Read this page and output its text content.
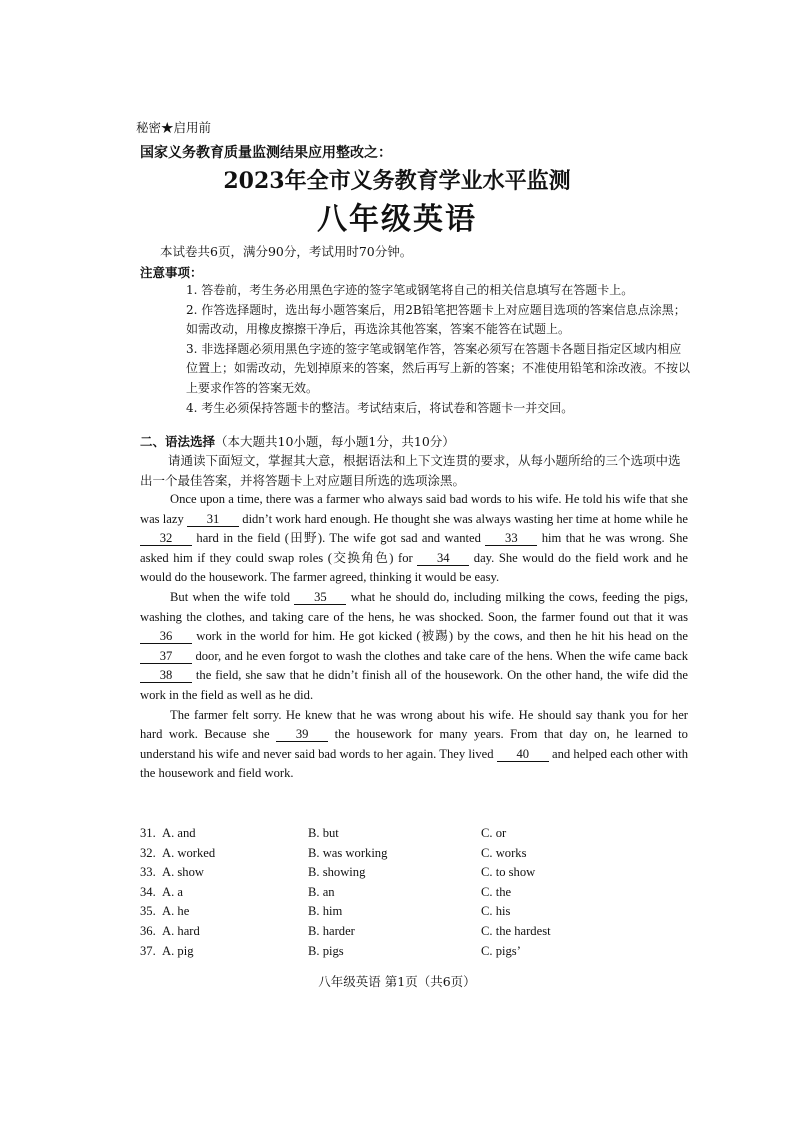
秘密★启用前
国家义务教育质量监测结果应用整改之：
2023年全市义务教育学业水平监测
八年级英语
本试卷共6页，满分90分，考试用时70分钟。
注意事项：
1. 答卷前，考生务必用黑色字迹的签字笔或钢笔将自己的相关信息填写在答题卡上。
2. 作答选择题时，选出每小题答案后，用2B铅笔把答题卡上对应题目选项的答案信息点涂黑；如需改动，用橡皮擦擦干净后，再选涂其他答案，答案不能答在试题上。
3. 非选择题必须用黑色字迹的签字笔或钢笔作答，答案必须写在答题卡各题目指定区域内相应位置上；如需改动，先划掉原来的答案，然后再写上新的答案；不准使用铅笔和涂改液。不按以上要求作答的答案无效。
4. 考生必须保持答题卡的整洁。考试结束后，将试卷和答题卡一并交回。
二、语法选择（本大题共10小题，每小题1分，共10分）
请通读下面短文，掌握其大意，根据语法和上下文连贯的要求，从每小题所给的三个选项中选出一个最佳答案，并将答题卡上对应题目所选的选项涂黑。

Once upon a time, there was a farmer who always said bad words to his wife. He told his wife that she was lazy 31 didn’t work hard enough. He thought she was always wasting her time at home while he 32 hard in the field (田野). The wife got sad and wanted 33 him that he was wrong. She asked him if they could swap roles (交换角色) for 34 day. She would do the field work and he would do the housework. The farmer agreed, thinking it would be easy.

But when the wife told 35 what he should do, including milking the cows, feeding the pigs, washing the clothes, and taking care of the hens, he was shocked. Soon, the farmer found out that it was 36 work in the world for him. He got kicked (被踢) by the cows, and then he hit his head on the 37 door, and he even forgot to wash the clothes and take care of the hens. When the wife came back 38 the field, she saw that he didn’t finish all of the housework. On the other hand, the wife did the work in the field as well as he did.

The farmer felt sorry. He knew that he was wrong about his wife. He should say thank you for her hard work. Because she 39 the housework for many years. From that day on, he learned to understand his wife and never said bad words to her again. They lived 40 and helped each other with the housework and field work.

31. A. and	B. but	C. or
32. A. worked	B. was working	C. works
33. A. show	B. showing	C. to show
34. A. a	B. an	C. the
35. A. he	B. him	C. his
36. A. hard	B. harder	C. the hardest
37. A. pig	B. pigs	C. pigs’
八年级英语 第1页（共6页）
